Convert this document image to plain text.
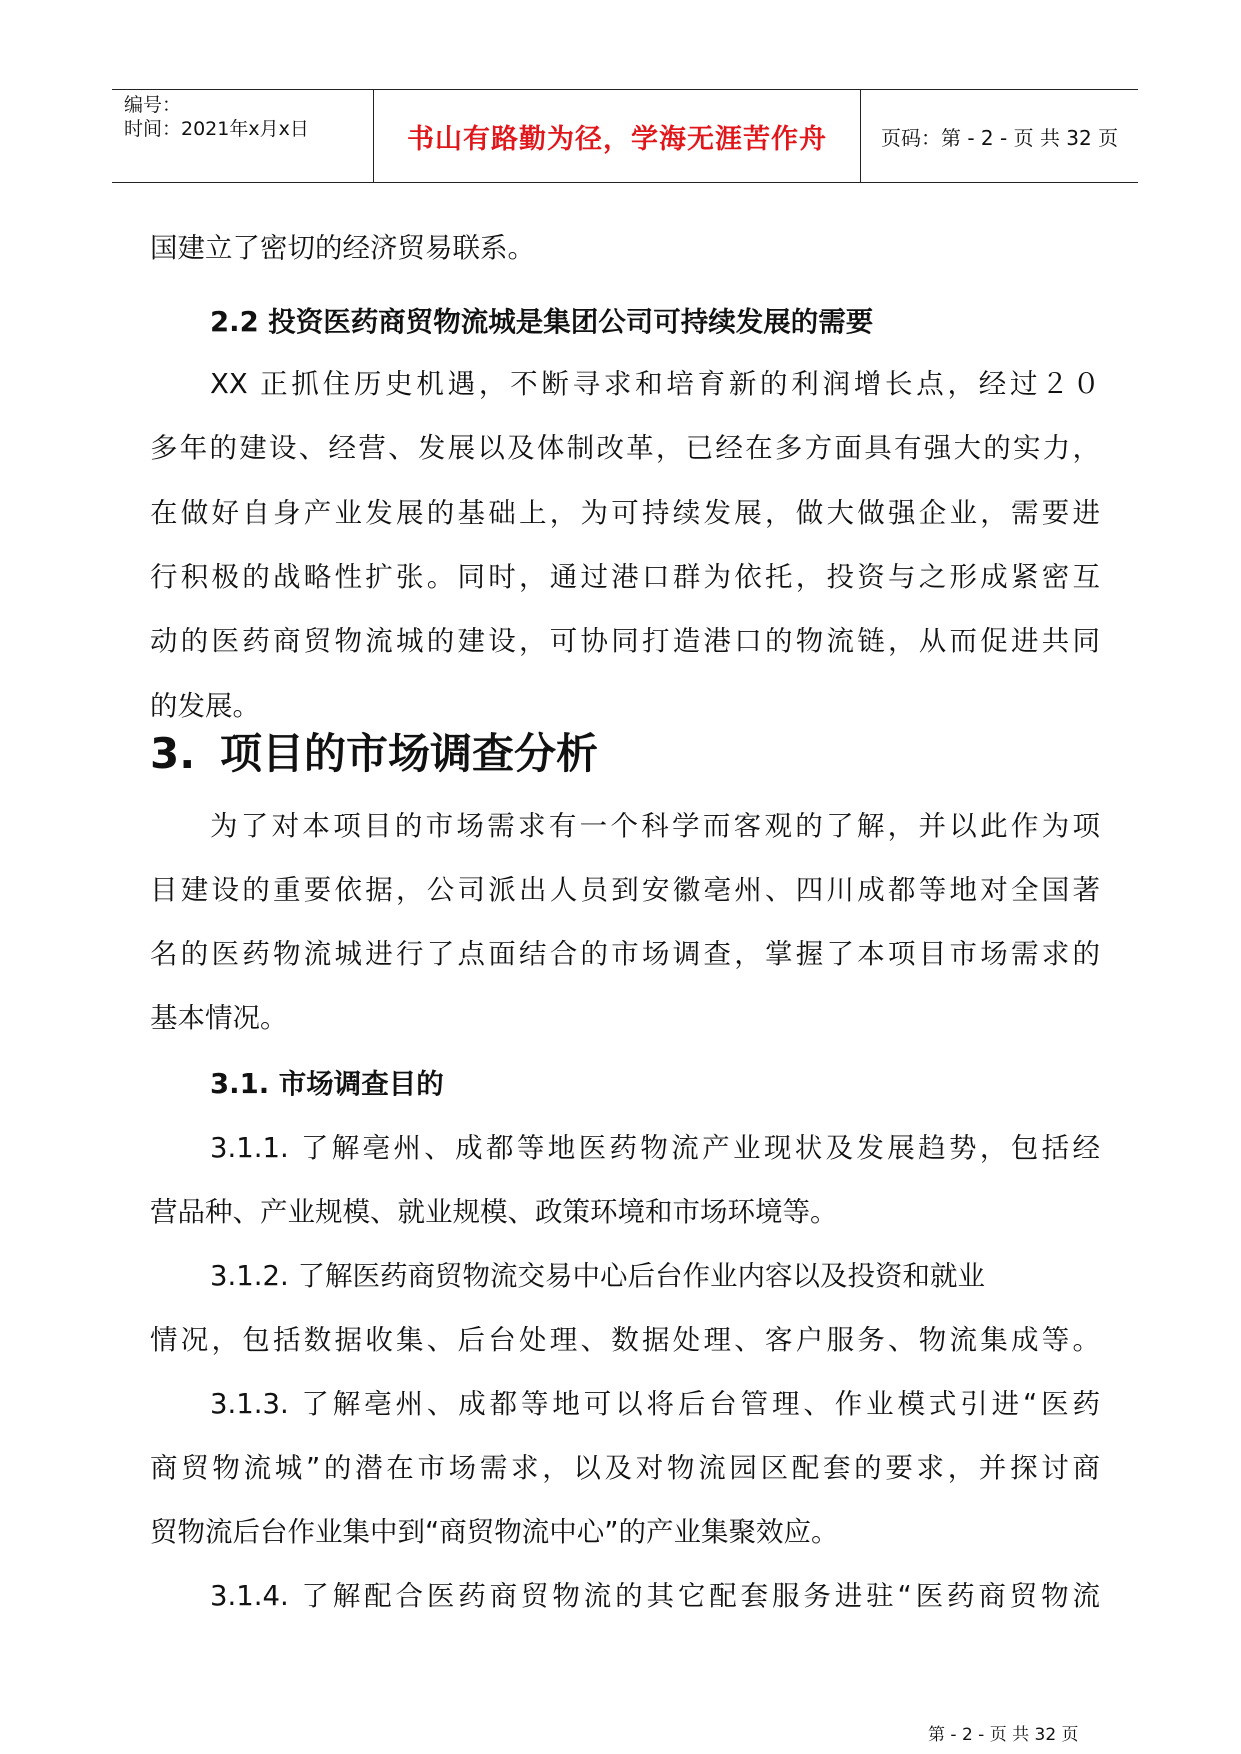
编号：
时间：2021年x月x日	书山有路勤为径，学海无涯苦作舟	页码：第 - 2 - 页 共 32 页
国建立了密切的经济贸易联系。
2.2 投资医药商贸物流城是集团公司可持续发展的需要
XX 正抓住历史机遇，不断寻求和培育新的利润增长点，经过２０
多年的建设、经营、发展以及体制改革，已经在多方面具有强大的实力，
在做好自身产业发展的基础上，为可持续发展，做大做强企业，需要进
行积极的战略性扩张。同时，通过港口群为依托，投资与之形成紧密互
动的医药商贸物流城的建设，可协同打造港口的物流链，从而促进共同
的发展。
3. 项目的市场调查分析
为了对本项目的市场需求有一个科学而客观的了解，并以此作为项
目建设的重要依据，公司派出人员到安徽亳州、四川成都等地对全国著
名的医药物流城进行了点面结合的市场调查，掌握了本项目市场需求的
基本情况。
3.1. 市场调查目的
3.1.1. 了解亳州、成都等地医药物流产业现状及发展趋势，包括经
营品种、产业规模、就业规模、政策环境和市场环境等。
3.1.2. 了解医药商贸物流交易中心后台作业内容以及投资和就业
情况，包括数据收集、后台处理、数据处理、客户服务、物流集成等。
3.1.3. 了解亳州、成都等地可以将后台管理、作业模式引进“医药
商贸物流城”的潜在市场需求，以及对物流园区配套的要求，并探讨商
贸物流后台作业集中到“商贸物流中心”的产业集聚效应。
3.1.4. 了解配合医药商贸物流的其它配套服务进驻“医药商贸物流
第 - 2 - 页 共 32 页
